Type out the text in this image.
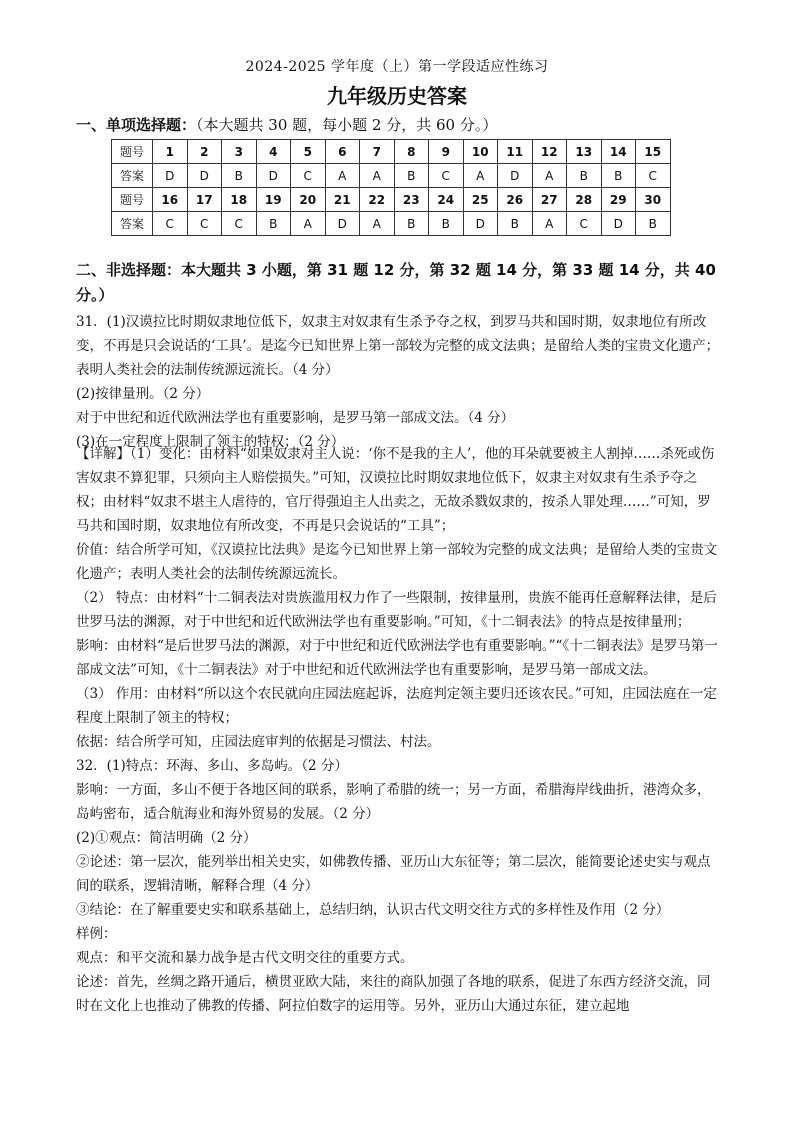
2024-2025 学年度（上）第一学段适应性练习
九年级历史答案
一、单项选择题：（本大题共 30 题，每小题 2 分，共 60 分。）
题号	1	2	3	4	5	6	7	8	9	10	11	12	13	14	15
答案	D	D	B	D	C	A	A	B	C	A	D	A	B	B	C
题号	16	17	18	19	20	21	22	23	24	25	26	27	28	29	30
答案	C	C	C	B	A	D	A	B	B	D	B	A	C	D	B
二、非选择题：本大题共 3 小题，第 31 题 12 分，第 32 题 14 分，第 33 题 14 分，共 40 分。）

31．(1)汉谟拉比时期奴隶地位低下，奴隶主对奴隶有生杀予夺之权，到罗马共和国时期，奴隶地位有所改变，不再是只会说话的‘工具’。是迄今已知世界上第一部较为完整的成文法典；是留给人类的宝贵文化遗产；表明人类社会的法制传统源远流长。（4 分）

(2)按律量刑。（2 分）

对于中世纪和近代欧洲法学也有重要影响，是罗马第一部成文法。（4 分）

(3)在一定程度上限制了领主的特权；（2 分）

【详解】（1）变化：由材料“如果奴隶对主人说：‘你不是我的主人’，他的耳朵就要被主人割掉……杀死或伤害奴隶不算犯罪，只须向主人赔偿损失。”可知，汉谟拉比时期奴隶地位低下，奴隶主对奴隶有生杀予夺之权；由材料“奴隶不堪主人虐待的，官厅得强迫主人出卖之，无故杀戮奴隶的，按杀人罪处理……”可知，罗马共和国时期，奴隶地位有所改变，不再是只会说话的“工具”；

价值：结合所学可知，《汉谟拉比法典》是迄今已知世界上第一部较为完整的成文法典；是留给人类的宝贵文化遗产；表明人类社会的法制传统源远流长。

（2） 特点：由材料“十二铜表法对贵族滥用权力作了一些限制，按律量刑，贵族不能再任意解释法律，是后世罗马法的渊源，对于中世纪和近代欧洲法学也有重要影响。”可知，《十二铜表法》的特点是按律量刑；

影响：由材料“是后世罗马法的渊源，对于中世纪和近代欧洲法学也有重要影响。”“《十二铜表法》是罗马第一部成文法”可知，《十二铜表法》对于中世纪和近代欧洲法学也有重要影响，是罗马第一部成文法。

（3） 作用：由材料“所以这个农民就向庄园法庭起诉，法庭判定领主要归还该农民。”可知，庄园法庭在一定程度上限制了领主的特权；

依据：结合所学可知，庄园法庭审判的依据是习惯法、村法。

32．(1)特点：环海、多山、多岛屿。（2 分）

影响：一方面，多山不便于各地区间的联系，影响了希腊的统一；另一方面，希腊海岸线曲折，港湾众多，岛屿密布，适合航海业和海外贸易的发展。（2 分）

(2)①观点：简洁明确（2 分）

②论述：第一层次，能列举出相关史实，如佛教传播、亚历山大东征等；第二层次，能简要论述史实与观点间的联系，逻辑清晰，解释合理（4 分）

③结论：在了解重要史实和联系基础上，总结归纳，认识古代文明交往方式的多样性及作用（2 分）

样例：

观点：和平交流和暴力战争是古代文明交往的重要方式。

论述：首先，丝绸之路开通后，横贯亚欧大陆，来往的商队加强了各地的联系，促进了东西方经济交流，同时在文化上也推动了佛教的传播、阿拉伯数字的运用等。另外，亚历山大通过东征，建立起地
